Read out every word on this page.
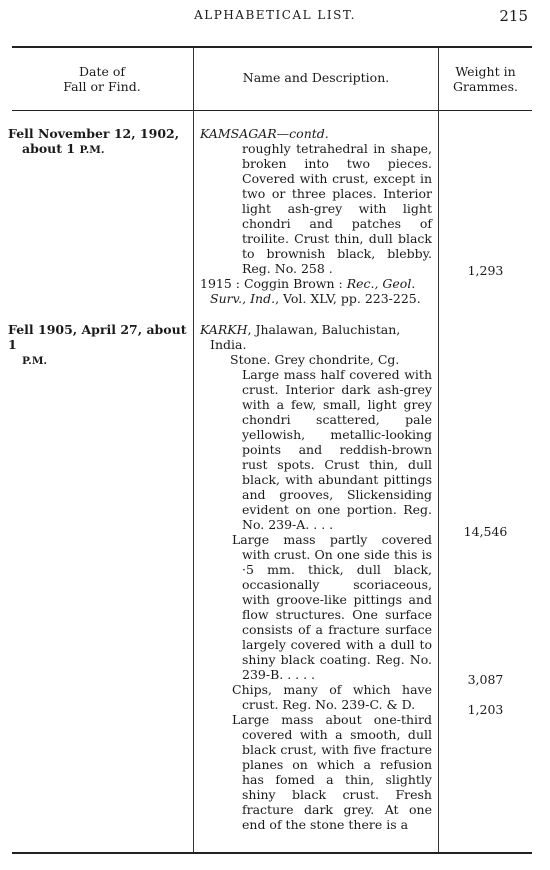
ALPHABETICAL LIST.	215
Date of
Fall or Find.
Name and Description.	Weight in
Grammes.
Fell November 12, 1902,
about 1 P.M.

KAMSAGAR—contd.

roughly tetrahedral in shape, broken into two pieces. Covered with crust, except in two or three places. Interior light ash-grey with light chondri and patches of troilite. Crust thin, dull black to brownish black, blebby. Reg. No. 258 .

1915 : Coggin Brown : Rec., Geol. Surv., Ind., Vol. XLV, pp. 223-225.

1,293
Fell 1905, April 27, about 1
P.M.

KARKH, Jhalawan, Baluchistan, India.

Stone. Grey chondrite, Cg.

Large mass half covered with crust. Interior dark ash-grey with a few, small, light grey chondri scattered, pale yellowish, metallic-looking points and reddish-brown rust spots. Crust thin, dull black, with abundant pittings and grooves, Slickensiding evident on one portion. Reg. No. 239-A. . . .

Large mass partly covered with crust. On one side this is ·5 mm. thick, dull black, occasionally scoriaceous, with groove-like pittings and flow structures. One surface consists of a fracture surface largely covered with a dull to shiny black coating. Reg. No. 239-B. . . . .

Chips, many of which have crust. Reg. No. 239-C. & D.

Large mass about one-third covered with a smooth, dull black crust, with five fracture planes on which a refusion has fomed a thin, slightly shiny black crust. Fresh fracture dark grey. At one end of the stone there is a

14,546
3,087
1,203
